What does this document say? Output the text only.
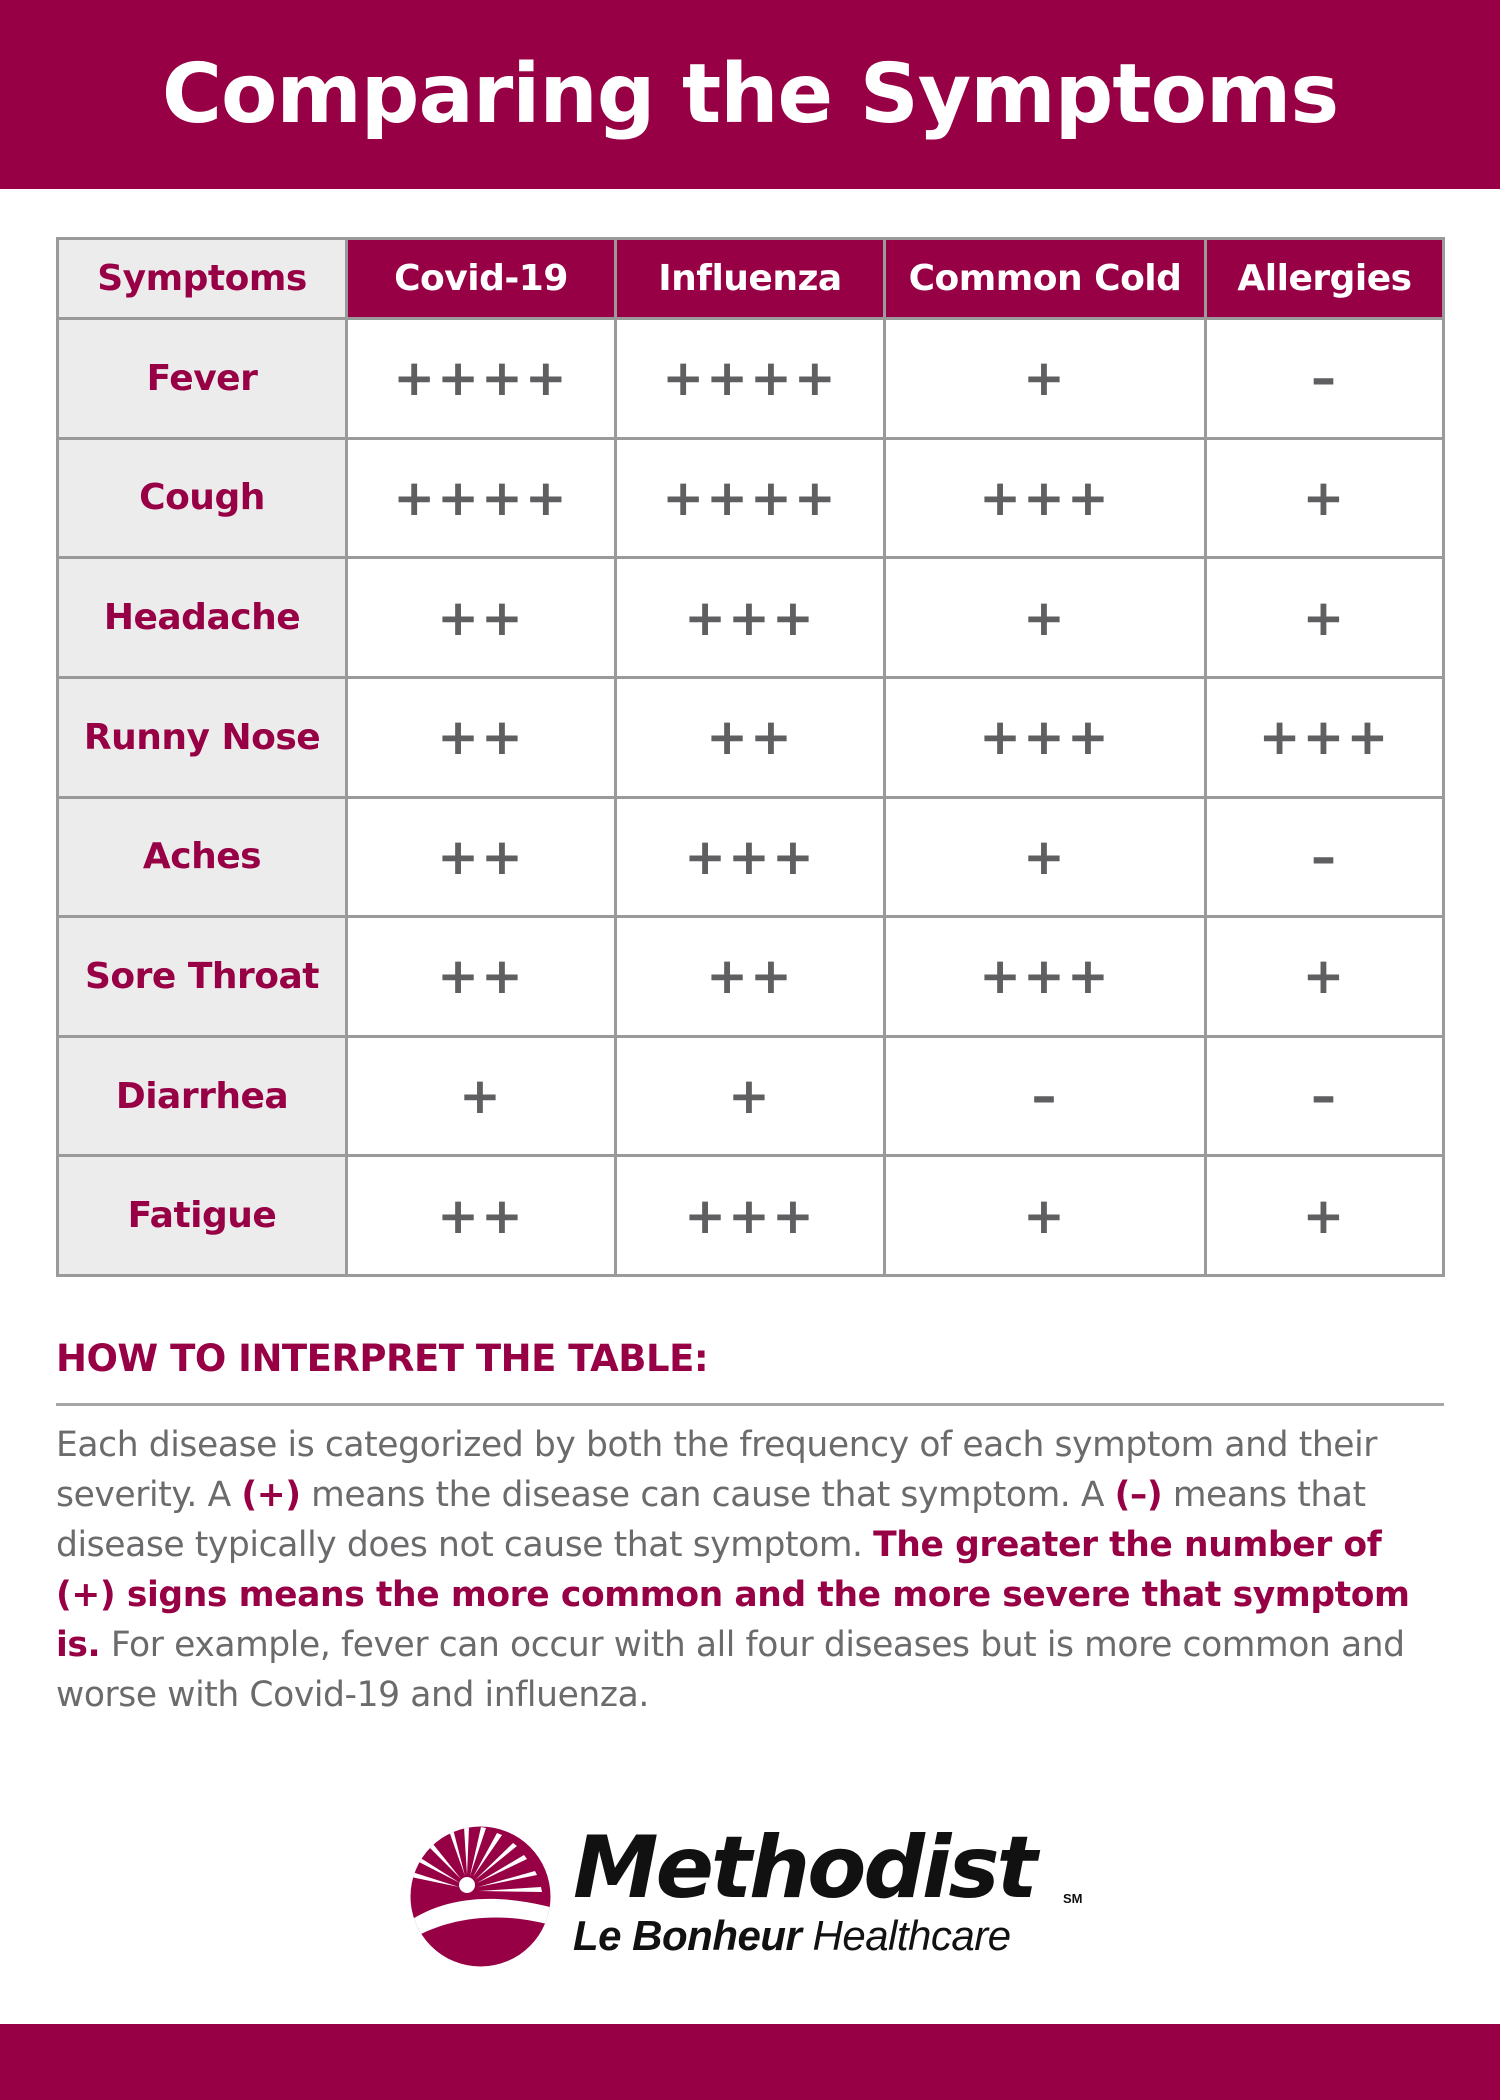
Comparing the Symptoms
Symptoms	Covid-19	Influenza	Common Cold	Allergies
Fever	++++	++++	+	–
Cough	++++	++++	+++	+
Headache	++	+++	+	+
Runny Nose	++	++	+++	+++
Aches	++	+++	+	–
Sore Throat	++	++	+++	+
Diarrhea	+	+	–	–
Fatigue	++	+++	+	+
HOW TO INTERPRET THE TABLE:

Each disease is categorized by both the frequency of each symptom and their severity. A (+) means the disease can cause that symptom. A (–) means that disease typically does not cause that symptom. The greater the number of (+) signs means the more common and the more severe that symptom is. For example, fever can occur with all four diseases but is more common and worse with Covid-19 and influenza.

Methodist SM
Le Bonheur Healthcare
